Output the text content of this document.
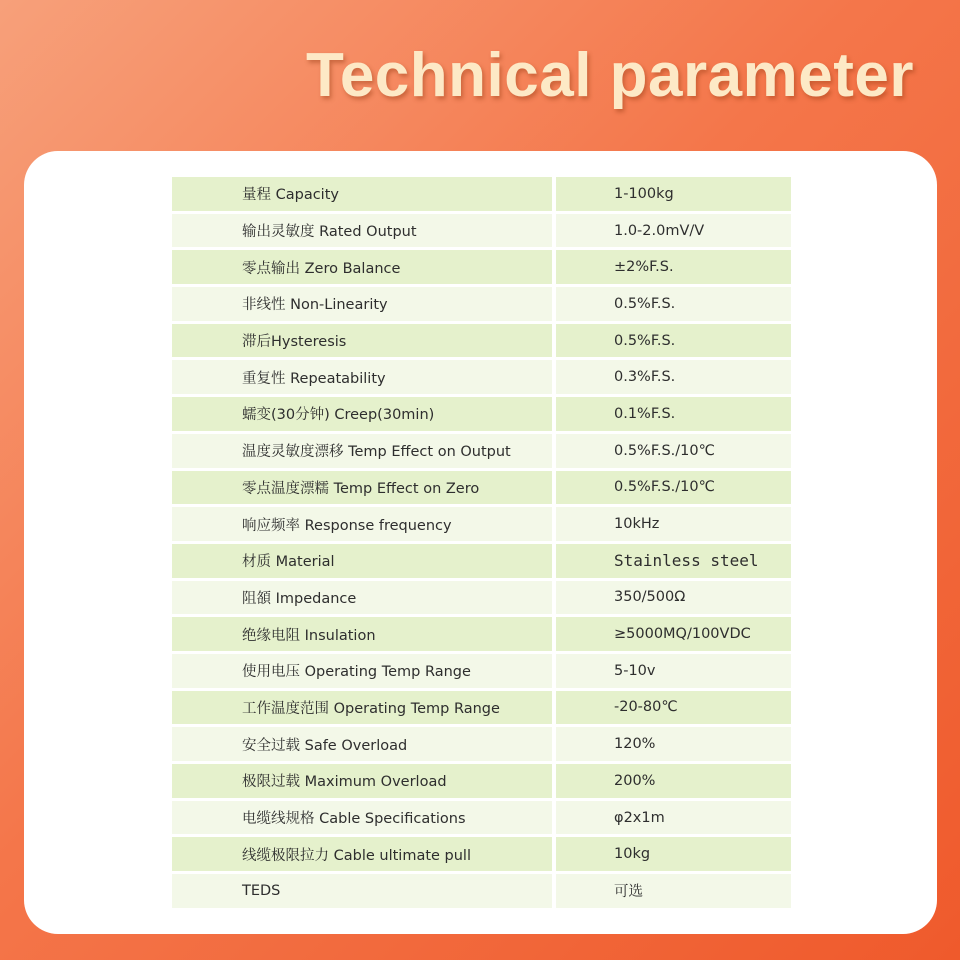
Technical parameter
量程 Capacity	1-100kg
输出灵敏度 Rated Output	1.0-2.0mV/V
零点输出 Zero Balance	±2%F.S.
非线性 Non-Linearity	0.5%F.S.
滞后Hysteresis	0.5%F.S.
重复性 Repeatability	0.3%F.S.
蠕变(30分钟) Creep(30min)	0.1%F.S.
温度灵敏度漂移 Temp Effect on Output	0.5%F.S./10℃
零点温度漂糯 Temp Effect on Zero	0.5%F.S./10℃
响应频率 Response frequency	10kHz
材质 Material	Stainless steel
阻頟 Impedance	350/500Ω
绝缘电阻 Insulation	≥5000MQ/100VDC
使用电压 Operating Temp Range	5-10v
工作温度范围 Operating Temp Range	-20-80℃
安全过载 Safe Overload	120%
极限过载 Maximum Overload	200%
电缆线规格 Cable Specifications	φ2x1m
线缆极限拉力 Cable ultimate pull	10kg
TEDS	可选
